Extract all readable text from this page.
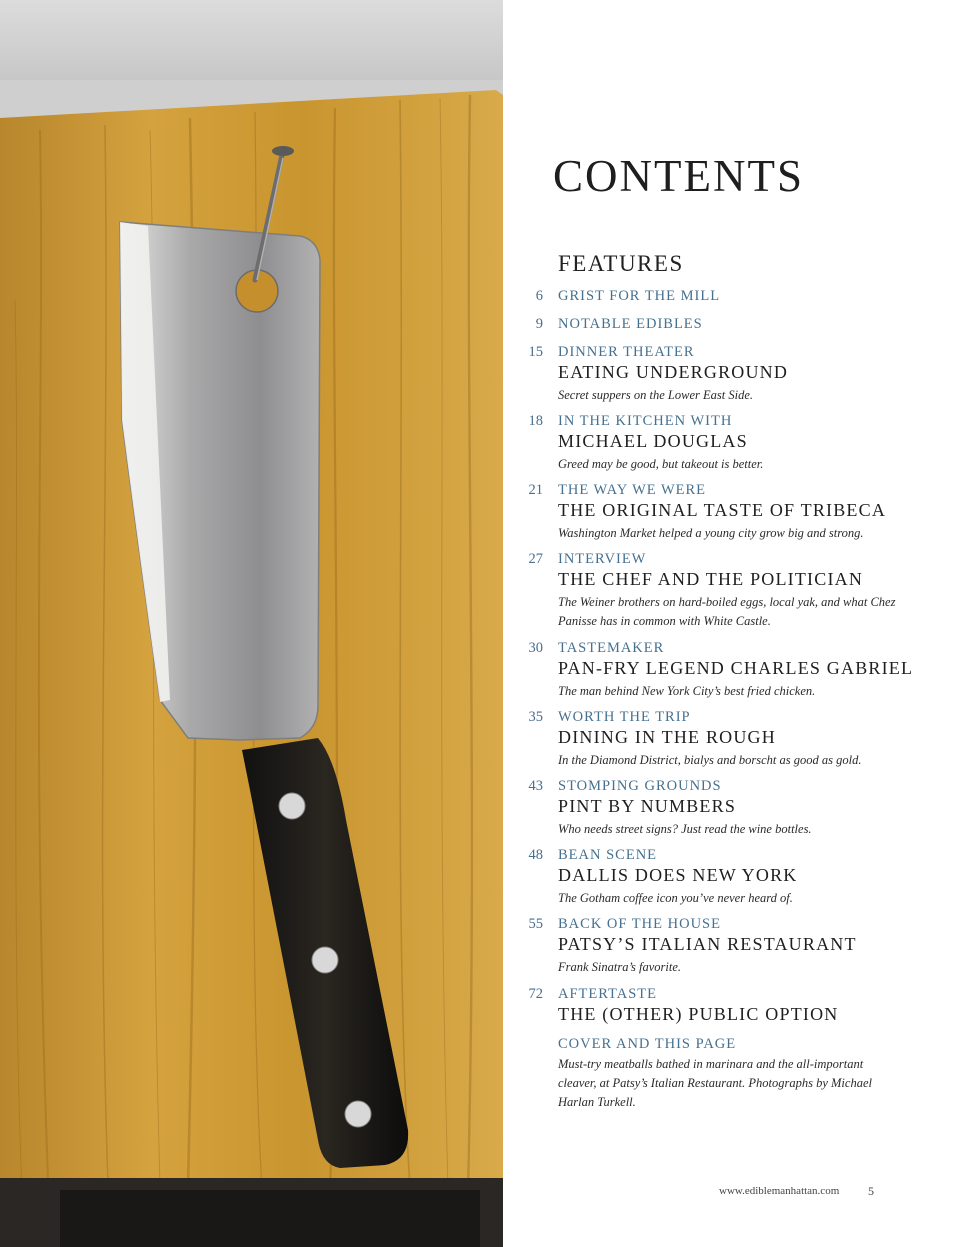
CONTENTS
FEATURES
6 GRIST FOR THE MILL
9 NOTABLE EDIBLES
15 DINNER THEATER
EATING UNDERGROUND
Secret suppers on the Lower East Side.
18 IN THE KITCHEN WITH
MICHAEL DOUGLAS
Greed may be good, but takeout is better.
21 THE WAY WE WERE
THE ORIGINAL TASTE OF TRIBECA
Washington Market helped a young city grow big and strong.
27 INTERVIEW
THE CHEF AND THE POLITICIAN
The Weiner brothers on hard-boiled eggs, local yak, and what Chez Panisse has in common with White Castle.
30 TASTEMAKER
PAN-FRY LEGEND CHARLES GABRIEL
The man behind New York City’s best fried chicken.
35 WORTH THE TRIP
DINING IN THE ROUGH
In the Diamond District, bialys and borscht as good as gold.
43 STOMPING GROUNDS
PINT BY NUMBERS
Who needs street signs? Just read the wine bottles.
48 BEAN SCENE
DALLIS DOES NEW YORK
The Gotham coffee icon you’ve never heard of.
55 BACK OF THE HOUSE
PATSY’S ITALIAN RESTAURANT
Frank Sinatra’s favorite.
72 AFTERTASTE
THE (OTHER) PUBLIC OPTION
COVER AND THIS PAGE
Must-try meatballs bathed in marinara and the all-important cleaver, at Patsy’s Italian Restaurant. Photographs by Michael Harlan Turkell.
www.ediblemanhattan.com 5
